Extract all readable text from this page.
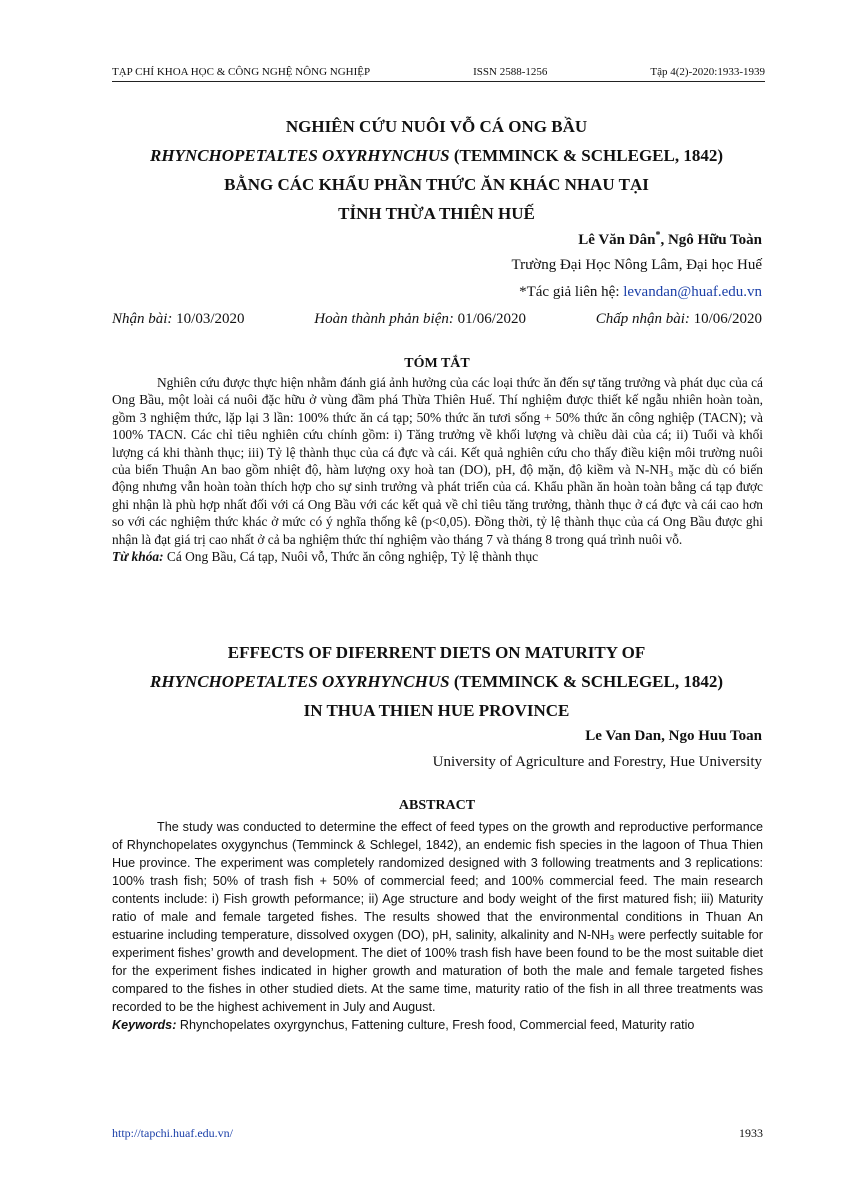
TẠP CHÍ KHOA HỌC & CÔNG NGHỆ NÔNG NGHIỆP	ISSN 2588-1256	Tập 4(2)-2020:1933-1939
NGHIÊN CỨU NUÔI VỖ CÁ ONG BẦU
RHYNCHOPETALTES OXYRHYNCHUS (TEMMINCK & SCHLEGEL, 1842)
BẰNG CÁC KHẨU PHẦN THỨC ĂN KHÁC NHAU TẠI
TỈNH THỪA THIÊN HUẾ
Lê Văn Dân*, Ngô Hữu Toàn
Trường Đại Học Nông Lâm, Đại học Huế
*Tác giả liên hệ: levandan@huaf.edu.vn
Nhận bài: 10/03/2020	Hoàn thành phản biện: 01/06/2020	Chấp nhận bài: 10/06/2020
TÓM TẮT

Nghiên cứu được thực hiện nhằm đánh giá ảnh hưởng của các loại thức ăn đến sự tăng trưởng và phát dục của cá Ong Bầu, một loài cá nuôi đặc hữu ở vùng đầm phá Thừa Thiên Huế. Thí nghiệm được thiết kế ngẫu nhiên hoàn toàn, gồm 3 nghiệm thức, lặp lại 3 lần: 100% thức ăn cá tạp; 50% thức ăn tươi sống + 50% thức ăn công nghiệp (TACN); và 100% TACN. Các chỉ tiêu nghiên cứu chính gồm: i) Tăng trưởng về khối lượng và chiều dài của cá; ii) Tuổi và khối lượng cá khi thành thục; iii) Tỷ lệ thành thục của cá đực và cái. Kết quả nghiên cứu cho thấy điều kiện môi trường nuôi của biển Thuận An bao gồm nhiệt độ, hàm lượng oxy hoà tan (DO), pH, độ mặn, độ kiềm và N-NH₃ mặc dù có biến động nhưng vẫn hoàn toàn thích hợp cho sự sinh trưởng và phát triển của cá. Khẩu phần ăn hoàn toàn bằng cá tạp được ghi nhận là phù hợp nhất đối với cá Ong Bầu với các kết quả về chỉ tiêu tăng trưởng, thành thục ở cá đực và cái cao hơn so với các nghiệm thức khác ở mức có ý nghĩa thống kê (p<0,05). Đồng thời, tỷ lệ thành thục của cá Ong Bầu được ghi nhận là đạt giá trị cao nhất ở cả ba nghiệm thức thí nghiệm vào tháng 7 và tháng 8 trong quá trình nuôi vỗ.

Từ khóa: Cá Ong Bầu, Cá tạp, Nuôi vỗ, Thức ăn công nghiệp, Tỷ lệ thành thục

EFFECTS OF DIFERRENT DIETS ON MATURITY OF
RHYNCHOPETALTES OXYRHYNCHUS (TEMMINCK & SCHLEGEL, 1842)
IN THUA THIEN HUE PROVINCE
Le Van Dan, Ngo Huu Toan
University of Agriculture and Forestry, Hue University
ABSTRACT

The study was conducted to determine the effect of feed types on the growth and reproductive performance of Rhynchopelates oxygynchus (Temminck & Schlegel, 1842), an endemic fish species in the lagoon of Thua Thien Hue province. The experiment was completely randomized designed with 3 following treatments and 3 replications: 100% trash fish; 50% of trash fish + 50% of commercial feed; and 100% commercial feed. The main research contents include: i) Fish growth peformance; ii) Age structure and body weight of the first matured fish; iii) Maturity ratio of male and female targeted fishes. The results showed that the environmental conditions in Thuan An estuarine including temperature, dissolved oxygen (DO), pH, salinity, alkalinity and N-NH₃ were perfectly suitable for experiment fishes’ growth and development. The diet of 100% trash fish have been found to be the most suitable diet for the experiment fishes indicated in higher growth and maturation of both the male and female targeted fishes compared to the fishes in other studied diets. At the same time, maturity ratio of the fish in all three treatments was recorded to be the highest achivement in July and August.

Keywords: Rhynchopelates oxyrgynchus, Fattening culture, Fresh food, Commercial feed, Maturity ratio

http://tapchi.huaf.edu.vn/	1933
